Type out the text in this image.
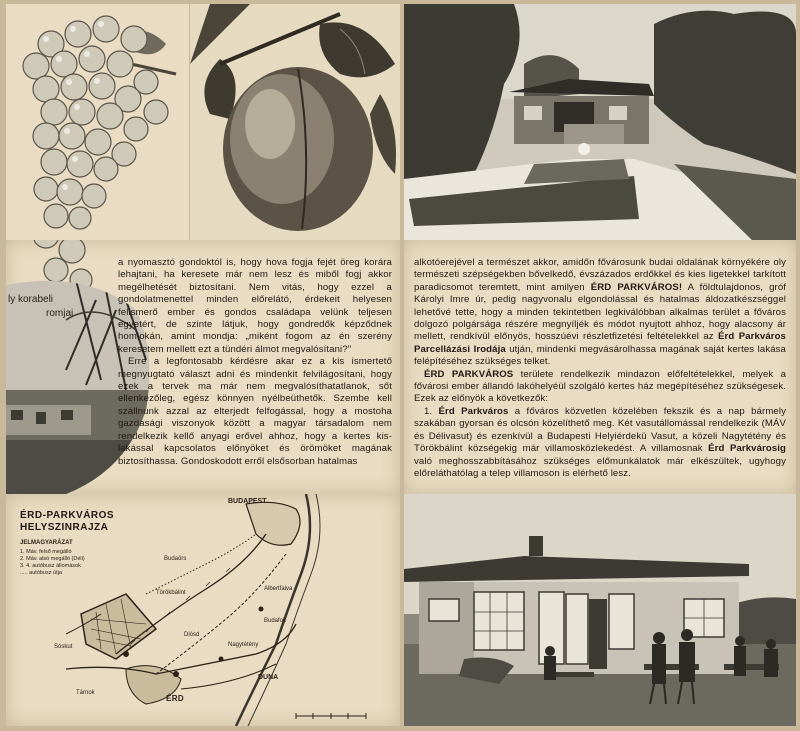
ly korabeli
romjai

a nyomasztó gondoktól is, hogy hova fogja fejét öreg korára lehajtani, ha keresete már nem lesz és miből fogj akkor megélhetését biztosítani. Nem vitás, hogy ezzel a gondolatmenettel minden előrelátó, érdekeit helyesen felismerő ember és gondos családapa velünk teljesen egyetért, de szinte látjuk, hogy gondredők képződnek homlokán, amint mondja: „miként fogom az én szerény keresetem mellett ezt a tündéri álmot megvalósítani?"

Erre a legfontosabb kérdésre akar ez a kis ismertető megnyugtató választ adni és mindenkit felvilágosítani, hogy ezek a tervek ma már nem megvalósíthatatlanok, sőt ellenkezőleg, egész könnyen nyélbeüthetők. Szembe kell szállnunk azzal az elterjedt felfogással, hogy a mostoha gazdasági viszonyok között a magyar társadalom nem rendelkezik kellő anyagi erővel ahhoz, hogy a kertes kis-lakással kapcsolatos előnyöket és örömöket magának biztosíthassa. Gondoskodott erről elsősorban hatalmas

alkotóerejével a természet akkor, amidőn fővárosunk budai oldalának környékére oly természeti szépségekben bővelkedő, évszázados erdőkkel és kies ligetekkel tarkított paradicsomot teremtett, mint amilyen ÉRD PARKVÁROS! A földtulajdonos, gróf Károlyi Imre úr, pedig nagyvonalu elgondolással és hatalmas áldozatkészséggel lehetővé tette, hogy a minden tekintetben legkiválóbban alkalmas terület a főváros dolgozó polgársága részére megnyíljék és módot nyujtott ahhoz, hogy alacsony ár mellett, rendkívül előnyös, hosszúévi részletfizetési feltételekkel az Érd Parkváros Parcellázási Irodája utján, mindenki megvásárolhassa magának saját kertes lakása felépítéséhez szükséges telket.

ÉRD PARKVÁROS területe rendelkezik mindazon előfeltételekkel, melyek a fővárosi ember állandó lakóhelyéül szolgáló kertes ház megépítéséhez szükségesek. Ezek az előnyök a következők:

1. Érd Parkváros a főváros közvetlen közelében fekszik és a nap bármely szakában gyorsan és olcsón közelíthető meg. Két vasutállomással rendelkezik (MÁV és Délivasut) és ezenkívül a Budapesti Helyiérdekü Vasut, a közeli Nagytétény és Törökbálint községekig már villamosközlekedést. A villamosnak Érd Parkvárosig való meghosszabbításához szükséges előmunkálatok már elkészültek, ugyhogy előreláthatólag a telep villamoson is elérhető lesz.

ÉRD-PARKVÁROS
HELYSZINRAJZA
JELMAGYARÁZAT
1. Máv. felső megálló
2. Máv. alsó megálló (Déli)
3. 4. autóbusz állomások
..... autóbusz útja
BUDAPEST
Budaörs
Törökbálint
Albertfalva
Budafok
Nagytétény
Diósd
ÉRD
Tárnok
DUNA
Sóskut
